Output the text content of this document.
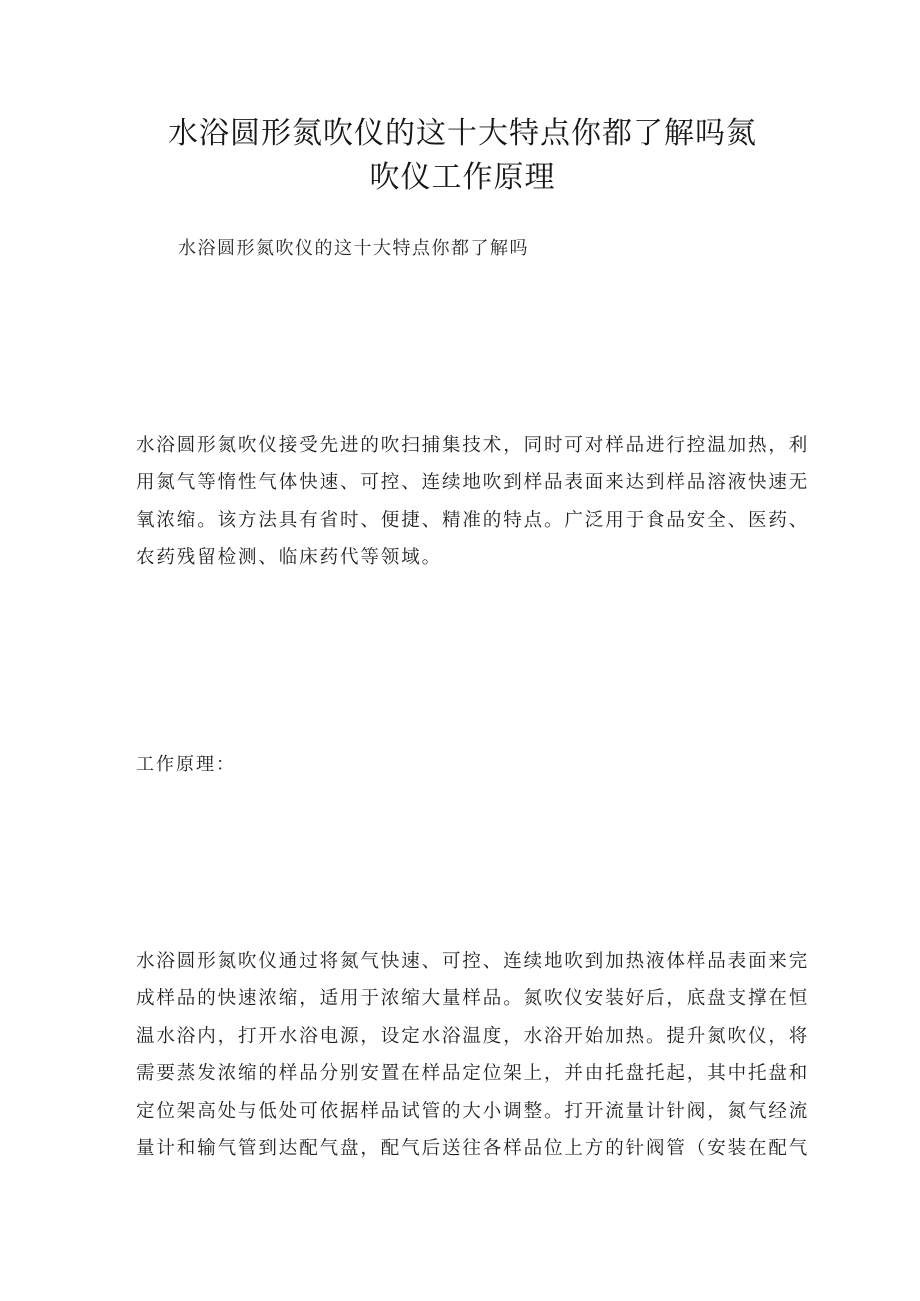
水浴圆形氮吹仪的这十大特点你都了解吗氮
吹仪工作原理

水浴圆形氮吹仪的这十大特点你都了解吗

水浴圆形氮吹仪接受先进的吹扫捕集技术，同时可对样品进行控温加热，利
用氮气等惰性气体快速、可控、连续地吹到样品表面来达到样品溶液快速无
氧浓缩。该方法具有省时、便捷、精准的特点。广泛用于食品安全、医药、
农药残留检测、临床药代等领域。

工作原理：

水浴圆形氮吹仪通过将氮气快速、可控、连续地吹到加热液体样品表面来完
成样品的快速浓缩，适用于浓缩大量样品。氮吹仪安装好后，底盘支撑在恒
温水浴内，打开水浴电源，设定水浴温度，水浴开始加热。提升氮吹仪，将
需要蒸发浓缩的样品分别安置在样品定位架上，并由托盘托起，其中托盘和
定位架高处与低处可依据样品试管的大小调整。打开流量计针阀，氮气经流
量计和输气管到达配气盘，配气后送往各样品位上方的针阀管（安装在配气
